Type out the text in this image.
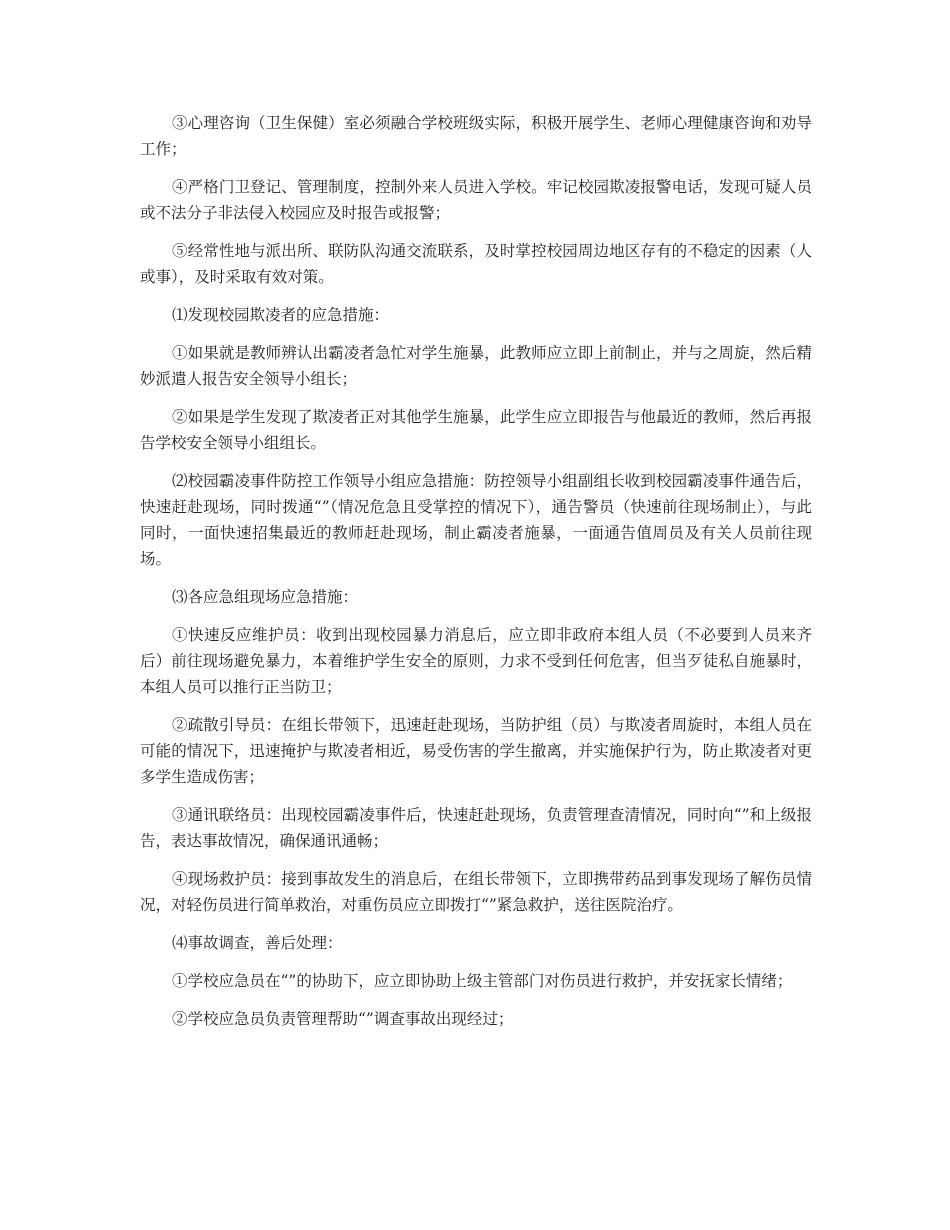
③心理咨询（卫生保健）室必须融合学校班级实际，积极开展学生、老师心理健康咨询和劝导工作；

④严格门卫登记、管理制度，控制外来人员进入学校。牢记校园欺凌报警电话，发现可疑人员或不法分子非法侵入校园应及时报告或报警；

⑤经常性地与派出所、联防队沟通交流联系，及时掌控校园周边地区存有的不稳定的因素（人或事），及时采取有效对策。

⑴发现校园欺凌者的应急措施：

①如果就是教师辨认出霸凌者急忙对学生施暴，此教师应立即上前制止，并与之周旋，然后精妙派遣人报告安全领导小组长；

②如果是学生发现了欺凌者正对其他学生施暴，此学生应立即报告与他最近的教师，然后再报告学校安全领导小组组长。

⑵校园霸凌事件防控工作领导小组应急措施：防控领导小组副组长收到校园霸凌事件通告后，快速赶赴现场，同时拨通“”（情况危急且受掌控的情况下），通告警员（快速前往现场制止），与此同时，一面快速招集最近的教师赶赴现场，制止霸凌者施暴，一面通告值周员及有关人员前往现场。

⑶各应急组现场应急措施：

①快速反应维护员：收到出现校园暴力消息后，应立即非政府本组人员（不必要到人员来齐后）前往现场避免暴力，本着维护学生安全的原则，力求不受到任何危害，但当歹徒私自施暴时，本组人员可以推行正当防卫；

②疏散引导员：在组长带领下，迅速赶赴现场，当防护组（员）与欺凌者周旋时，本组人员在可能的情况下，迅速掩护与欺凌者相近，易受伤害的学生撤离，并实施保护行为，防止欺凌者对更多学生造成伤害；

③通讯联络员：出现校园霸凌事件后，快速赶赴现场，负责管理查清情况，同时向“”和上级报告，表达事故情况，确保通讯通畅；

④现场救护员：接到事故发生的消息后，在组长带领下，立即携带药品到事发现场了解伤员情况，对轻伤员进行简单救治，对重伤员应立即拨打“”紧急救护，送往医院治疗。

⑷事故调查，善后处理：

①学校应急员在“”的协助下，应立即协助上级主管部门对伤员进行救护，并安抚家长情绪；

②学校应急员负责管理帮助“”调查事故出现经过；
